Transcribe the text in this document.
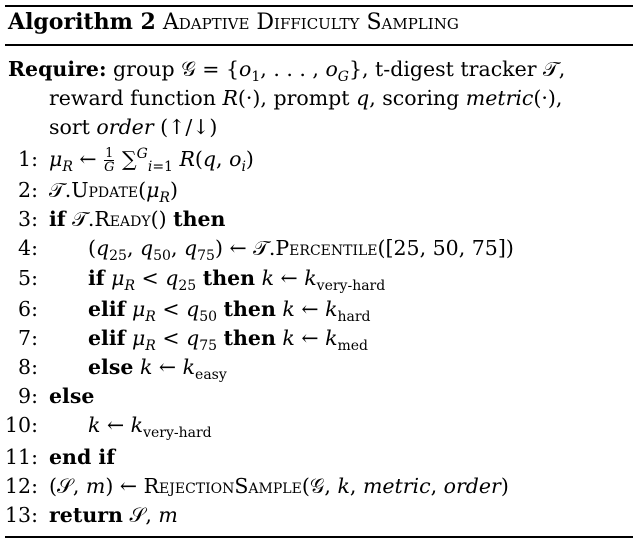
Algorithm 2 Adaptive Difficulty Sampling
Require: group 𝒢 = {$o_1$, . . . , $o_G$}, t-digest tracker 𝒯,
reward function R(·), prompt q, scoring metric(·),
sort order (↑/↓)
1: $\mu_R$ ← $\frac{1}{G} \sum^G_{i=1}$ R(q, $o_i$)
2: $𝒯.Update(\mu_R)$
3: if 𝒯.Ready() then
4: ($q_{25}$, $q_{50}$, $q_{75}$) ← 𝒯.Percentile([25, 50, 75])
5: if $\mu_R < q_{25}$ then k ← $k_{very-hard}$
6: elif $\mu_R < q_{50}$ then k ← $k_{hard}$
7: elif $\mu_R < q_{75}$ then k ← $k_{med}$
8: else k ← $k_{easy}$
9: else
10: k ← $k_{very-hard}$
11: end if
12: (𝒮, m) ← RejectionSample(𝒢, k, metric, order)
13: return 𝒮, m
